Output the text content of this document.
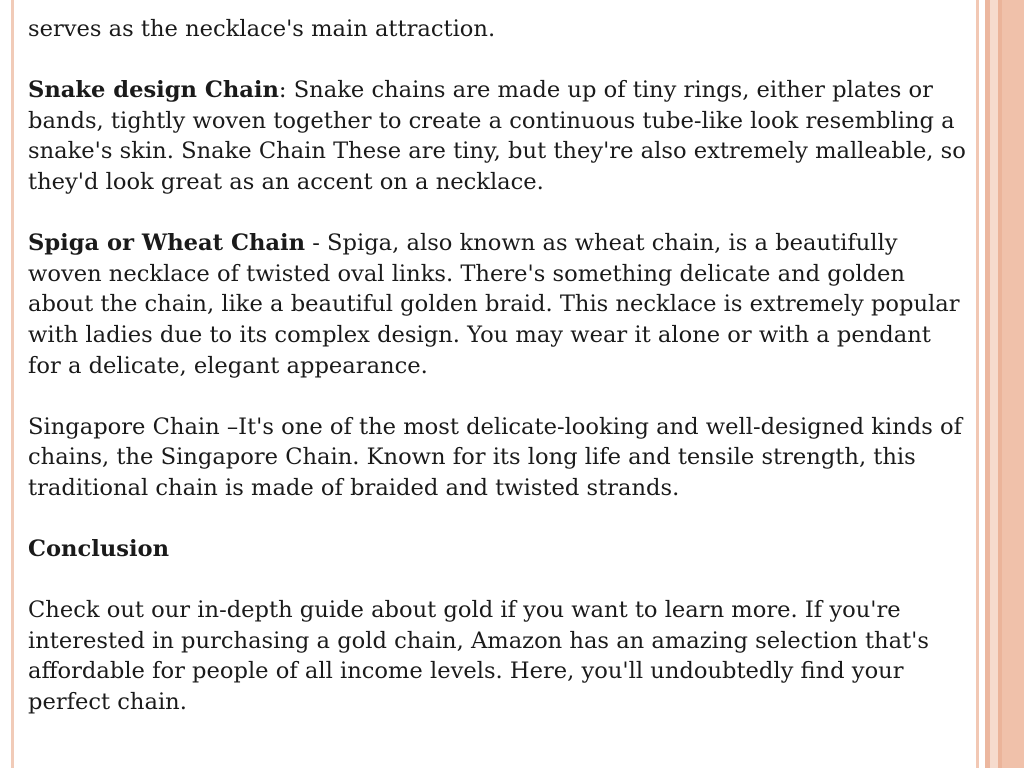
serves as the necklace's main attraction.

Snake design Chain: Snake chains are made up of tiny rings, either plates or bands, tightly woven together to create a continuous tube-like look resembling a snake's skin. Snake Chain These are tiny, but they're also extremely malleable, so they'd look great as an accent on a necklace.

Spiga or Wheat Chain - Spiga, also known as wheat chain, is a beautifully woven necklace of twisted oval links. There's something delicate and golden about the chain, like a beautiful golden braid. This necklace is extremely popular with ladies due to its complex design. You may wear it alone or with a pendant for a delicate, elegant appearance.

Singapore Chain –It's one of the most delicate-looking and well-designed kinds of chains, the Singapore Chain. Known for its long life and tensile strength, this traditional chain is made of braided and twisted strands.

Conclusion

Check out our in-depth guide about gold if you want to learn more. If you're interested in purchasing a gold chain, Amazon has an amazing selection that's affordable for people of all income levels. Here, you'll undoubtedly find your perfect chain.
